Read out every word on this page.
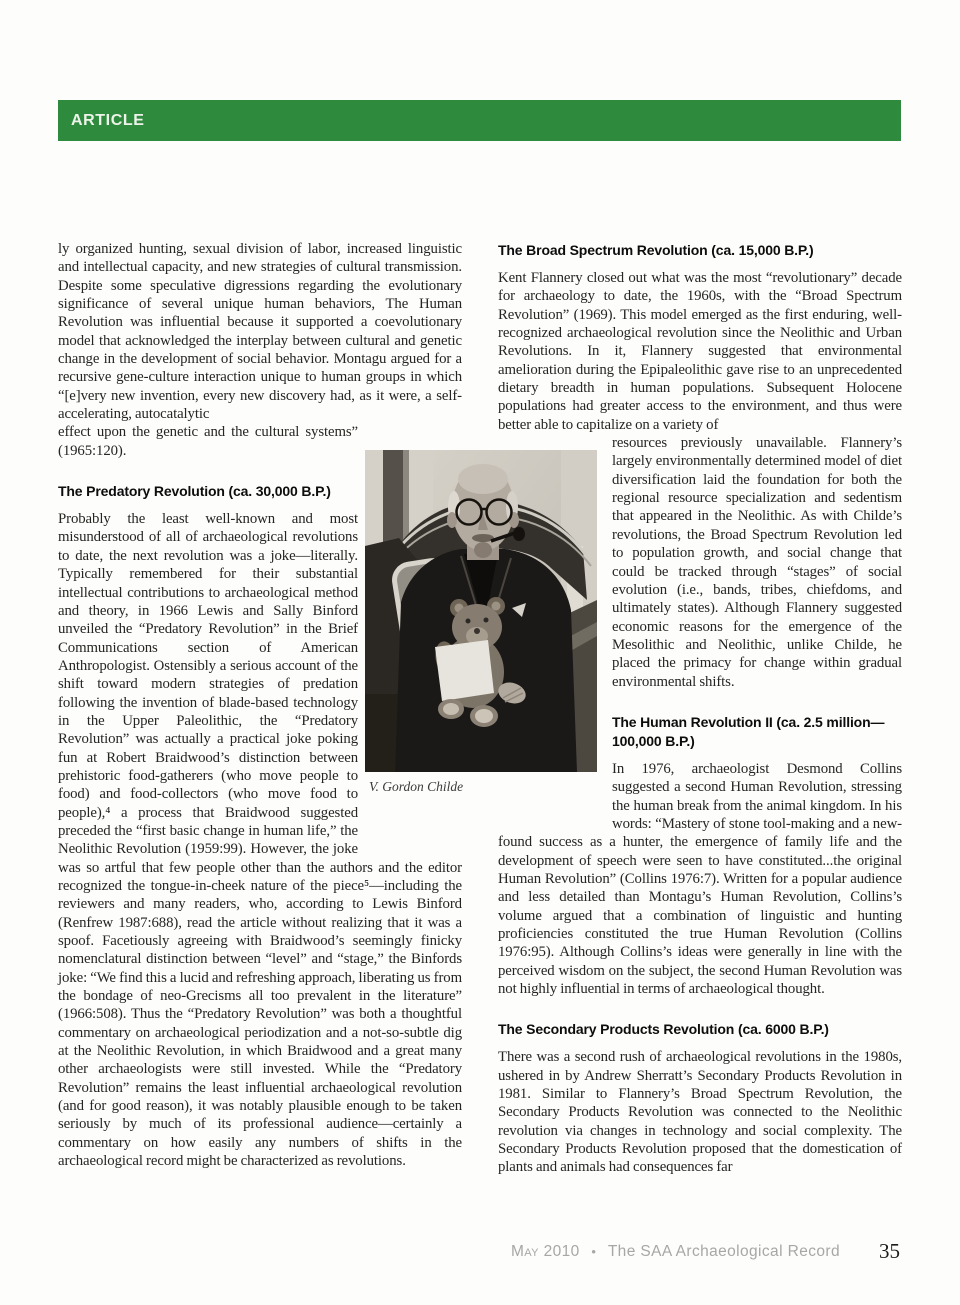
ARTICLE

ly organized hunting, sexual division of labor, increased linguistic and intellectual capacity, and new strategies of cultural transmission. Despite some speculative digressions regarding the evolutionary significance of several unique human behaviors, The Human Revolution was influential because it supported a coevolutionary model that acknowledged the interplay between cultural and genetic change in the development of social behavior. Montagu argued for a recursive gene-culture interaction unique to human groups in which “[e]very new invention, every new discovery had, as it were, a self-accelerating, autocatalytic

effect upon the genetic and the cultural systems” (1965:120).

The Predatory Revolution (ca. 30,000 B.P.)

Probably the least well-known and most misunderstood of all of archaeological revolutions to date, the next revolution was a joke—literally. Typically remembered for their substantial intellectual contributions to archaeological method and theory, in 1966 Lewis and Sally Binford unveiled the “Predatory Revolution” in the Brief Communications section of American Anthropologist. Ostensibly a serious account of the shift toward modern strategies of predation following the invention of blade-based technology in the Upper Paleolithic, the “Predatory Revolution” was actually a practical joke poking fun at Robert Braidwood’s distinction between prehistoric food-gatherers (who move people to food) and food-collectors (who move food to people),⁴ a process that Braidwood suggested preceded the “first basic change in human life,” the Neolithic Revolution (1959:99). However, the joke was so artful that few people other than the authors and the editor recognized the tongue-in-cheek nature of the piece⁵—including the reviewers and many readers, who, according to Lewis Binford (Renfrew 1987:688), read the article without realizing that it was a spoof. Facetiously agreeing with Braidwood’s seemingly finicky nomenclatural distinction between “level” and “stage,” the Binfords joke: “We find this a lucid and refreshing approach, liberating us from the bondage of neo-Grecisms all too prevalent in the literature” (1966:508). Thus the “Predatory Revolution” was both a thoughtful commentary on archaeological periodization and a not-so-subtle dig at the Neolithic Revolution, in which Braidwood and a great many other archaeologists were still invested. While the “Predatory Revolution” remains the least influential archaeological revolution (and for good reason), it was notably plausible enough to be taken seriously by much of its professional audience—certainly a commentary on how easily any numbers of shifts in the archaeological record might be characterized as revolutions.

The Broad Spectrum Revolution (ca. 15,000 B.P.)

Kent Flannery closed out what was the most “revolutionary” decade for archaeology to date, the 1960s, with the “Broad Spectrum Revolution” (1969). This model emerged as the first enduring, well-recognized archaeological revolution since the Neolithic and Urban Revolutions. In it, Flannery suggested that environmental amelioration during the Epipaleolithic gave rise to an unprecedented dietary breadth in human populations. Subsequent Holocene populations had greater access to the environment, and thus were better able to capitalize on a variety of

resources previously unavailable. Flannery’s largely environmentally determined model of diet diversification laid the foundation for both the regional resource specialization and sedentism that appeared in the Neolithic. As with Childe’s revolutions, the Broad Spectrum Revolution led to population growth, and social change that could be tracked through “stages” of social evolution (i.e., bands, tribes, chiefdoms, and ultimately states). Although Flannery suggested economic reasons for the emergence of the Mesolithic and Neolithic, unlike Childe, he placed the primacy for change within gradual environmental shifts.

The Human Revolution II (ca. 2.5 million—100,000 B.P.)

In 1976, archaeologist Desmond Collins suggested a second Human Revolution, stressing the human break from the animal kingdom. In his words: “Mastery of stone tool-making and a new-found success as a hunter, the emergence of family life and the development of speech were seen to have constituted...the original Human Revolution” (Collins 1976:7). Written for a popular audience and less detailed than Montagu’s Human Revolution, Collins’s volume argued that a combination of linguistic and hunting proficiencies constituted the true Human Revolution (Collins 1976:95). Although Collins’s ideas were generally in line with the perceived wisdom on the subject, the second Human Revolution was not highly influential in terms of archaeological thought.

The Secondary Products Revolution (ca. 6000 B.P.)

There was a second rush of archaeological revolutions in the 1980s, ushered in by Andrew Sherratt’s Secondary Products Revolution in 1981. Similar to Flannery’s Broad Spectrum Revolution, the Secondary Products Revolution was connected to the Neolithic revolution via changes in technology and social complexity. The Secondary Products Revolution proposed that the domestication of plants and animals had consequences far

V. Gordon Childe
May 2010 • The SAA Archaeological Record	35
